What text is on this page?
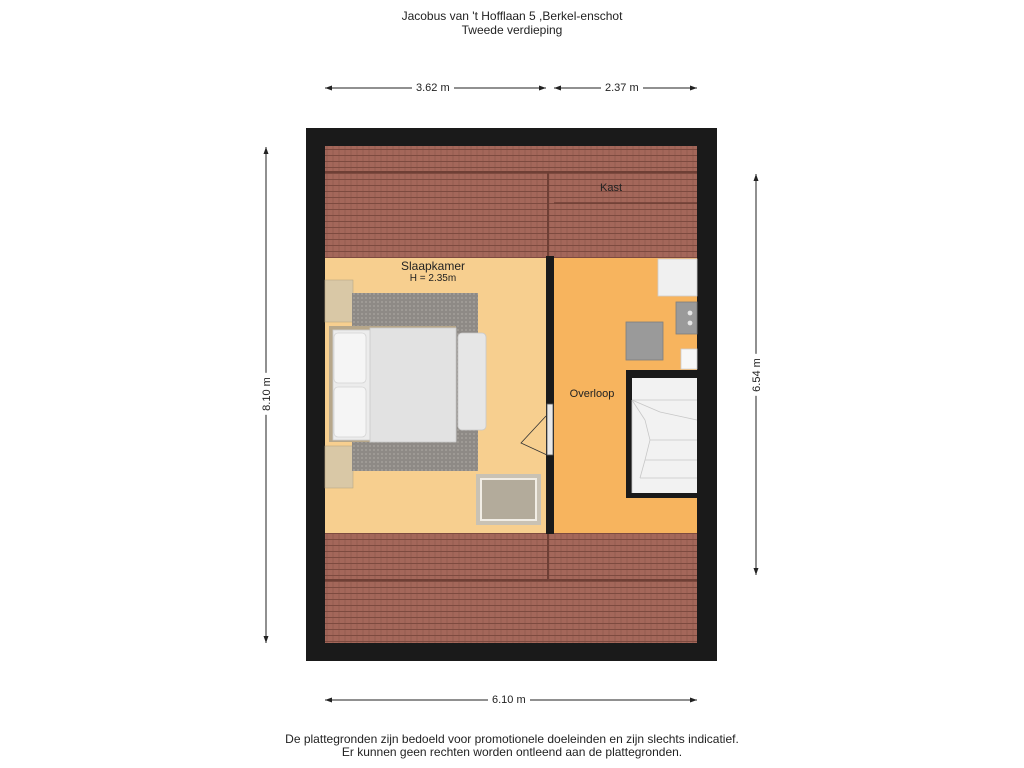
Jacobus van 't Hofflaan 5 ,Berkel-enschot
Tweede verdieping
3.62 m	2.37 m
8.10 m
6.54 m
6.10 m
Kast
Slaapkamer
H = 2.35m
Overloop
De plattegronden zijn bedoeld voor promotionele doeleinden en zijn slechts indicatief.
Er kunnen geen rechten worden ontleend aan de plattegronden.
